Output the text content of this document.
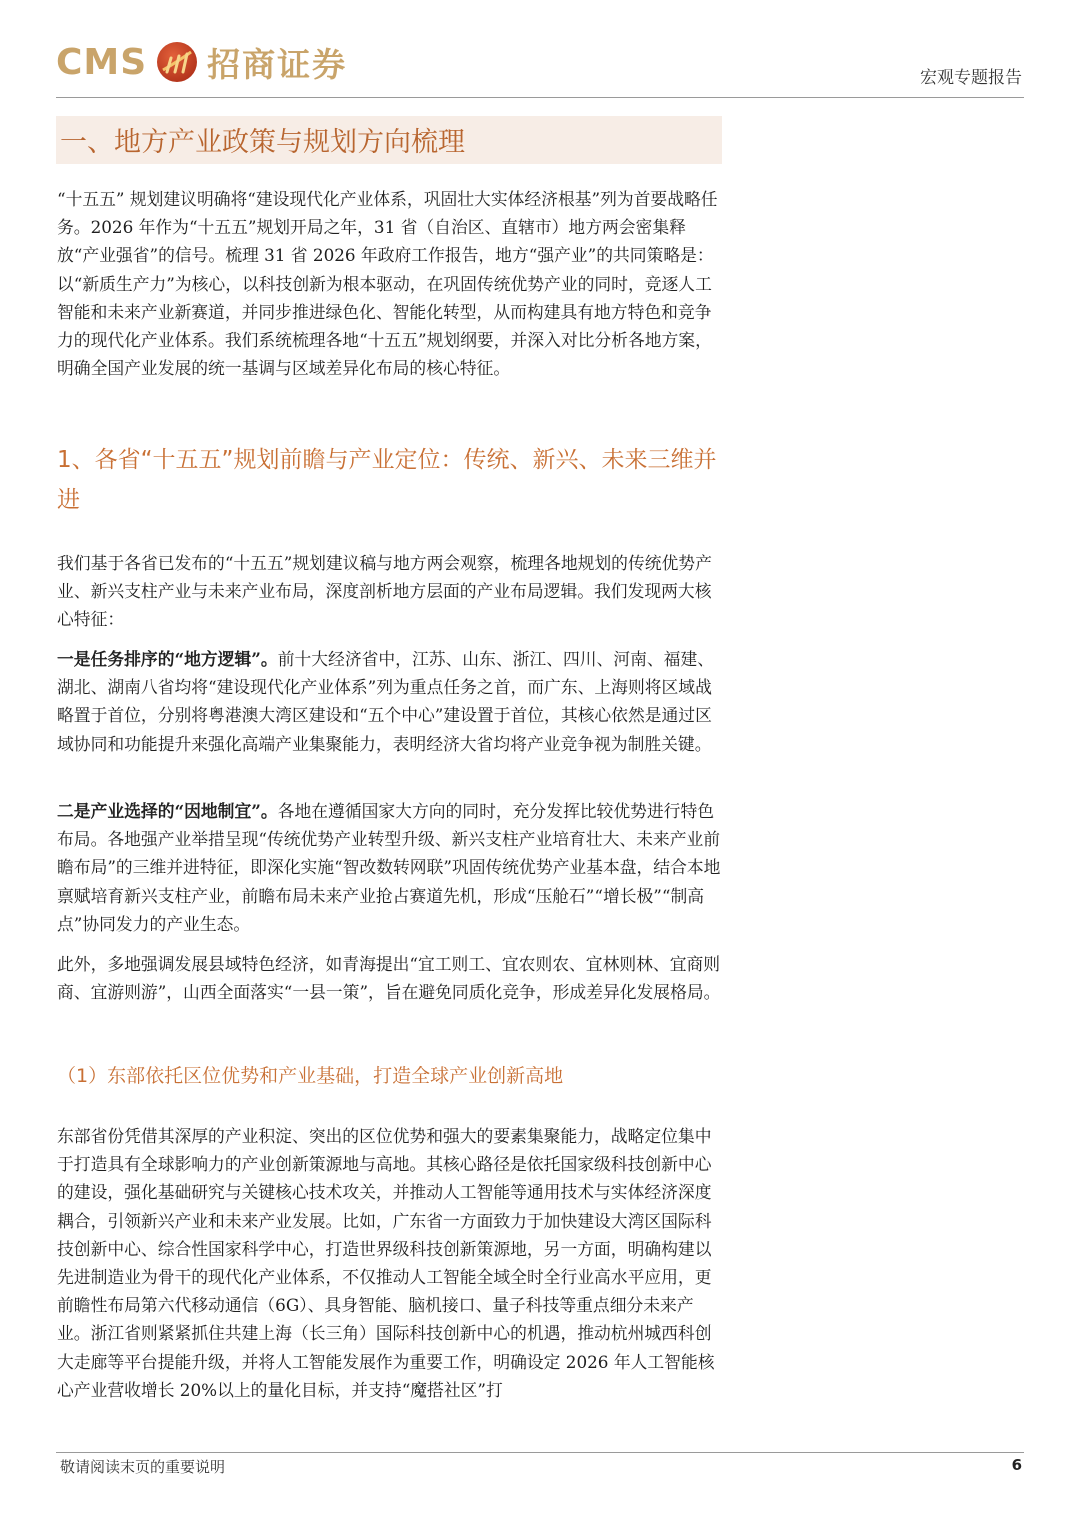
CMS 招商证券	宏观专题报告
一、地方产业政策与规划方向梳理

“十五五” 规划建议明确将“建设现代化产业体系，巩固壮大实体经济根基”列为首要战略任务。2026 年作为“十五五”规划开局之年，31 省（自治区、直辖市）地方两会密集释放“产业强省”的信号。梳理 31 省 2026 年政府工作报告，地方“强产业”的共同策略是：以“新质生产力”为核心，以科技创新为根本驱动，在巩固传统优势产业的同时，竞逐人工智能和未来产业新赛道，并同步推进绿色化、智能化转型，从而构建具有地方特色和竞争力的现代化产业体系。我们系统梳理各地“十五五”规划纲要，并深入对比分析各地方案，明确全国产业发展的统一基调与区域差异化布局的核心特征。

1、各省“十五五”规划前瞻与产业定位：传统、新兴、未来三维并进

我们基于各省已发布的“十五五”规划建议稿与地方两会观察，梳理各地规划的传统优势产业、新兴支柱产业与未来产业布局，深度剖析地方层面的产业布局逻辑。我们发现两大核心特征：

一是任务排序的“地方逻辑”。前十大经济省中，江苏、山东、浙江、四川、河南、福建、湖北、湖南八省均将“建设现代化产业体系”列为重点任务之首，而广东、上海则将区域战略置于首位，分别将粤港澳大湾区建设和“五个中心”建设置于首位，其核心依然是通过区域协同和功能提升来强化高端产业集聚能力，表明经济大省均将产业竞争视为制胜关键。

二是产业选择的“因地制宜”。各地在遵循国家大方向的同时，充分发挥比较优势进行特色布局。各地强产业举措呈现“传统优势产业转型升级、新兴支柱产业培育壮大、未来产业前瞻布局”的三维并进特征，即深化实施“智改数转网联”巩固传统优势产业基本盘，结合本地禀赋培育新兴支柱产业，前瞻布局未来产业抢占赛道先机，形成“压舱石”“增长极”“制高点”协同发力的产业生态。

此外，多地强调发展县域特色经济，如青海提出“宜工则工、宜农则农、宜林则林、宜商则商、宜游则游”，山西全面落实“一县一策”，旨在避免同质化竞争，形成差异化发展格局。

（1）东部依托区位优势和产业基础，打造全球产业创新高地

东部省份凭借其深厚的产业积淀、突出的区位优势和强大的要素集聚能力，战略定位集中于打造具有全球影响力的产业创新策源地与高地。其核心路径是依托国家级科技创新中心的建设，强化基础研究与关键核心技术攻关，并推动人工智能等通用技术与实体经济深度耦合，引领新兴产业和未来产业发展。比如，广东省一方面致力于加快建设大湾区国际科技创新中心、综合性国家科学中心，打造世界级科技创新策源地，另一方面，明确构建以先进制造业为骨干的现代化产业体系，不仅推动人工智能全域全时全行业高水平应用，更前瞻性布局第六代移动通信（6G）、具身智能、脑机接口、量子科技等重点细分未来产业。浙江省则紧紧抓住共建上海（长三角）国际科技创新中心的机遇，推动杭州城西科创大走廊等平台提能升级，并将人工智能发展作为重要工作，明确设定 2026 年人工智能核心产业营收增长 20%以上的量化目标，并支持“魔搭社区”打

敬请阅读末页的重要说明	6
